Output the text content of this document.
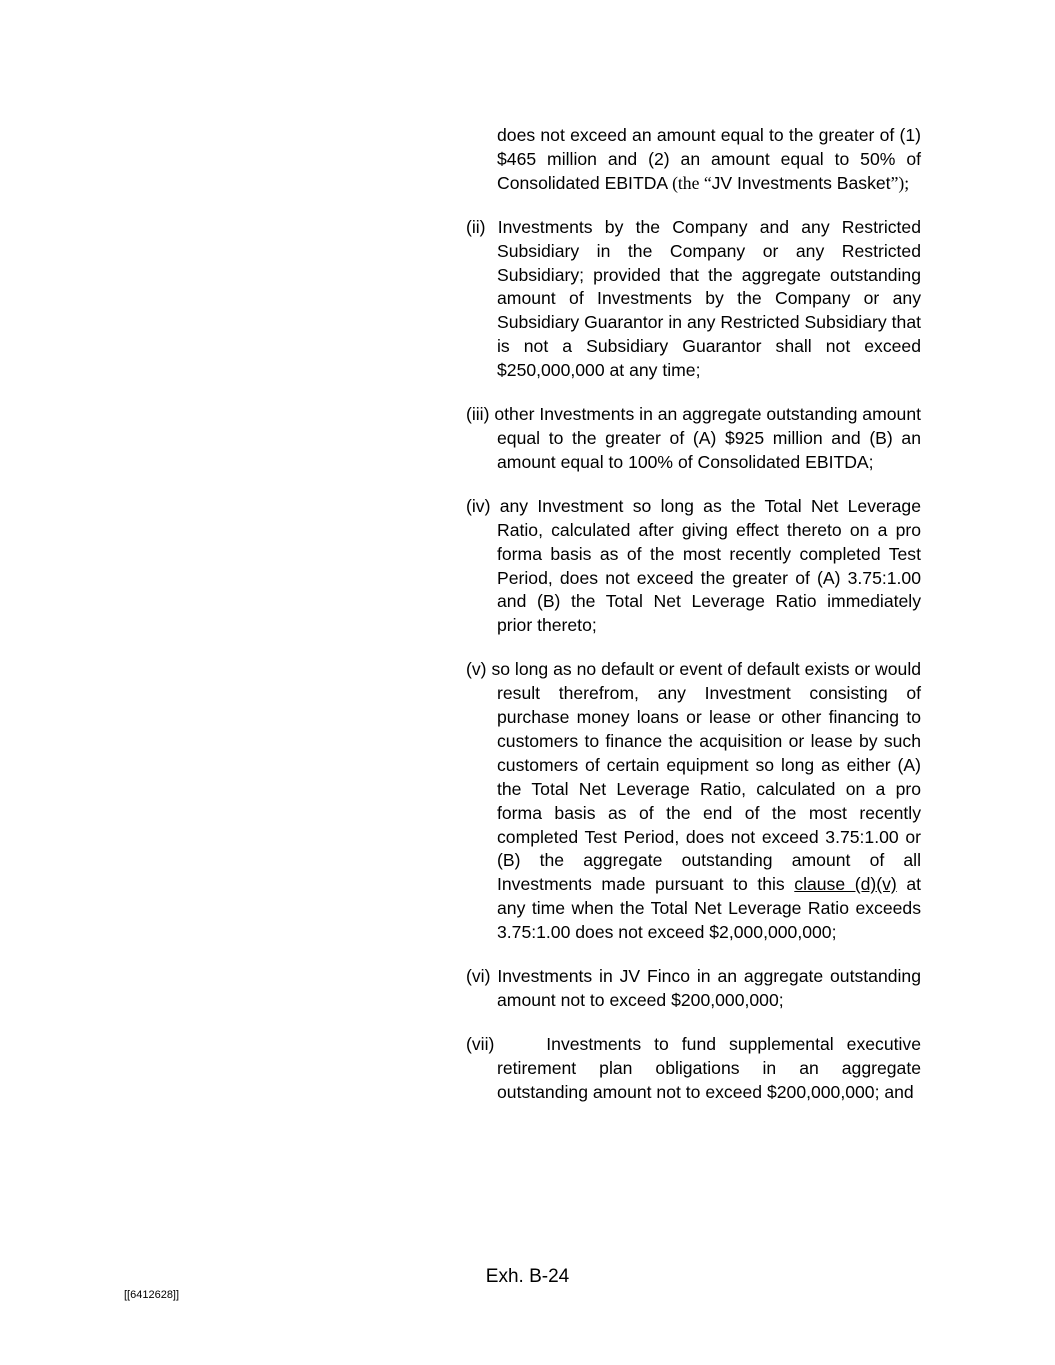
does not exceed an amount equal to the greater of (1) $465 million and (2) an amount equal to 50% of Consolidated EBITDA (the “JV Investments Basket”);

(ii) Investments by the Company and any Restricted Subsidiary in the Company or any Restricted Subsidiary; provided that the aggregate outstanding amount of Investments by the Company or any Subsidiary Guarantor in any Restricted Subsidiary that is not a Subsidiary Guarantor shall not exceed $250,000,000 at any time;

(iii) other Investments in an aggregate outstanding amount equal to the greater of (A) $925 million and (B) an amount equal to 100% of Consolidated EBITDA;

(iv) any Investment so long as the Total Net Leverage Ratio, calculated after giving effect thereto on a pro forma basis as of the most recently completed Test Period, does not exceed the greater of (A) 3.75:1.00 and (B) the Total Net Leverage Ratio immediately prior thereto;

(v) so long as no default or event of default exists or would result therefrom, any Investment consisting of purchase money loans or lease or other financing to customers to finance the acquisition or lease by such customers of certain equipment so long as either (A) the Total Net Leverage Ratio, calculated on a pro forma basis as of the end of the most recently completed Test Period, does not exceed 3.75:1.00 or (B) the aggregate outstanding amount of all Investments made pursuant to this clause (d)(v) at any time when the Total Net Leverage Ratio exceeds 3.75:1.00 does not exceed $2,000,000,000;

(vi) Investments in JV Finco in an aggregate outstanding amount not to exceed $200,000,000;

(vii)	Investments to fund supplemental executive retirement plan obligations in an aggregate outstanding amount not to exceed $200,000,000; and

Exh. B-24
[[6412628]]
